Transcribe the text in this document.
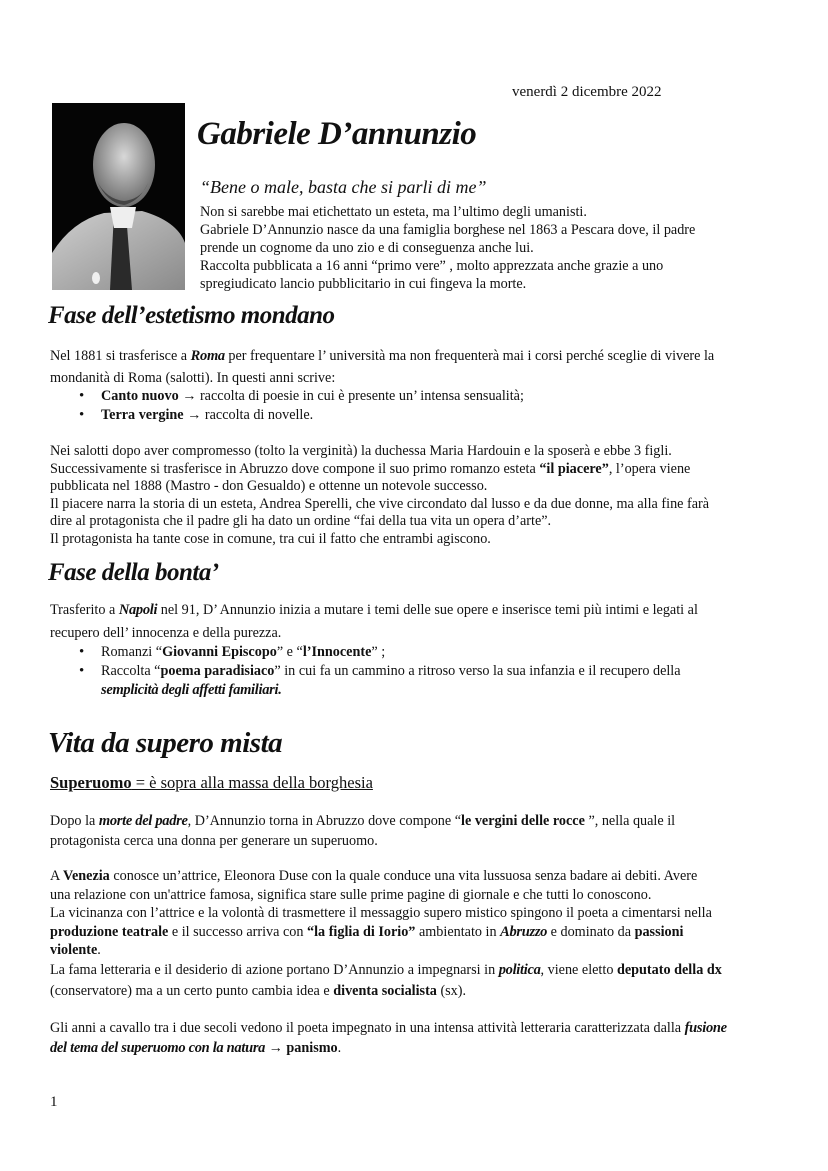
venerdì 2 dicembre 2022
Gabriele D’annunzio
“Bene o male, basta che si parli di me”
Non si sarebbe mai etichettato un esteta, ma l’ultimo degli umanisti.
Gabriele D’Annunzio nasce da una famiglia borghese nel 1863 a Pescara dove, il padre
prende un cognome da uno zio e di conseguenza anche lui.
Raccolta pubblicata a 16 anni “primo vere” , molto apprezzata anche grazie a uno
spregiudicato lancio pubblicitario in cui fingeva la morte.
Fase dell’estetismo mondano
Nel 1881 si trasferisce a Roma per frequentare l’ università ma non frequenterà mai i corsi perché sceglie di vivere la
mondanità di Roma (salotti). In questi anni scrive:
• Canto nuovo → raccolta di poesie in cui è presente un’ intensa sensualità;
• Terra vergine → raccolta di novelle.
Nei salotti dopo aver compromesso (tolto la verginità) la duchessa Maria Hardouin e la sposerà e ebbe 3 figli.
Successivamente si trasferisce in Abruzzo dove compone il suo primo romanzo esteta “il piacere”, l’opera viene
pubblicata nel 1888 (Mastro - don Gesualdo) e ottenne un notevole successo.
Il piacere narra la storia di un esteta, Andrea Sperelli, che vive circondato dal lusso e da due donne, ma alla fine farà
dire al protagonista che il padre gli ha dato un ordine “fai della tua vita un opera d’arte”.
Il protagonista ha tante cose in comune, tra cui il fatto che entrambi agiscono.
Fase della bonta’
Trasferito a Napoli nel 91, D’ Annunzio inizia a mutare i temi delle sue opere e inserisce temi più intimi e legati al
recupero dell’ innocenza e della purezza.
• Romanzi “Giovanni Episcopo” e “l’Innocente” ;
• Raccolta “poema paradisiaco” in cui fa un cammino a ritroso verso la sua infanzia e il recupero della
semplicità degli affetti familiari.
Vita da supero mista
Superuomo = è sopra alla massa della borghesia
Dopo la morte del padre, D’Annunzio torna in Abruzzo dove compone “le vergini delle rocce ”, nella quale il
protagonista cerca una donna per generare un superuomo.
A Venezia conosce un’attrice, Eleonora Duse con la quale conduce una vita lussuosa senza badare ai debiti. Avere
una relazione con un'attrice famosa, significa stare sulle prime pagine di giornale e che tutti lo conoscono.
La vicinanza con l’attrice e la volontà di trasmettere il messaggio supero mistico spingono il poeta a cimentarsi nella
produzione teatrale e il successo arriva con “la figlia di Iorio” ambientato in Abruzzo e dominato da passioni
violente.
La fama letteraria e il desiderio di azione portano D’Annunzio a impegnarsi in politica, viene eletto deputato della dx
(conservatore) ma a un certo punto cambia idea e diventa socialista (sx).
Gli anni a cavallo tra i due secoli vedono il poeta impegnato in una intensa attività letteraria caratterizzata dalla fusione
del tema del superuomo con la natura → panismo.
1
